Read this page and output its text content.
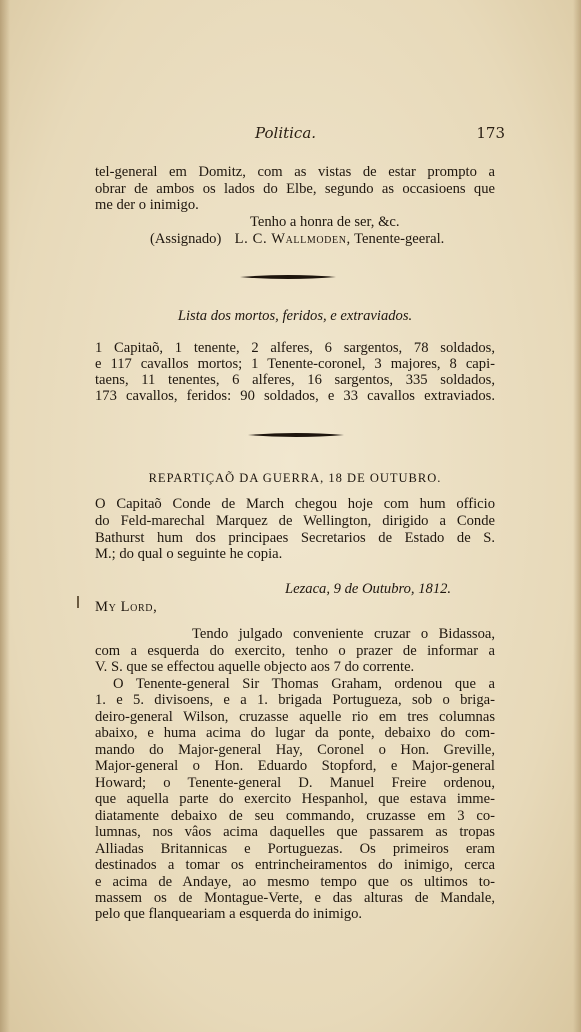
Politica.	173
tel-general em Domitz, com as vistas de estar prompto a
obrar de ambos os lados do Elbe, segundo as occasioens que
me der o inimigo.
Tenho a honra de ser, &c.
(Assignado) L. C. Wallmoden, Tenente-geeral.
Lista dos mortos, feridos, e extraviados.
1 Capitaõ, 1 tenente, 2 alferes, 6 sargentos, 78 soldados,
e 117 cavallos mortos; 1 Tenente-coronel, 3 majores, 8 capi-
taens, 11 tenentes, 6 alferes, 16 sargentos, 335 soldados,
173 cavallos, feridos: 90 soldados, e 33 cavallos extraviados.
REPARTIÇAÕ DA GUERRA, 18 DE OUTUBRO.
O Capitaõ Conde de March chegou hoje com hum officio
do Feld-marechal Marquez de Wellington, dirigido a Conde
Bathurst hum dos principaes Secretarios de Estado de S.
M.; do qual o seguinte he copia.
Lezaca, 9 de Outubro, 1812.
My Lord,
Tendo julgado conveniente cruzar o Bidassoa,
com a esquerda do exercito, tenho o prazer de informar a
V. S. que se effectou aquelle objecto aos 7 do corrente.
O Tenente-general Sir Thomas Graham, ordenou que a
1. e 5. divisoens, e a 1. brigada Portugueza, sob o briga-
deiro-general Wilson, cruzasse aquelle rio em tres columnas
abaixo, e huma acima do lugar da ponte, debaixo do com-
mando do Major-general Hay, Coronel o Hon. Greville,
Major-general o Hon. Eduardo Stopford, e Major-general
Howard; o Tenente-general D. Manuel Freire ordenou,
que aquella parte do exercito Hespanhol, que estava imme-
diatamente debaixo de seu commando, cruzasse em 3 co-
lumnas, nos vâos acima daquelles que passarem as tropas
Alliadas Britannicas e Portuguezas. Os primeiros eram
destinados a tomar os entrincheiramentos do inimigo, cerca
e acima de Andaye, ao mesmo tempo que os ultimos to-
massem os de Montague-Verte, e das alturas de Mandale,
pelo que flanqueariam a esquerda do inimigo.
